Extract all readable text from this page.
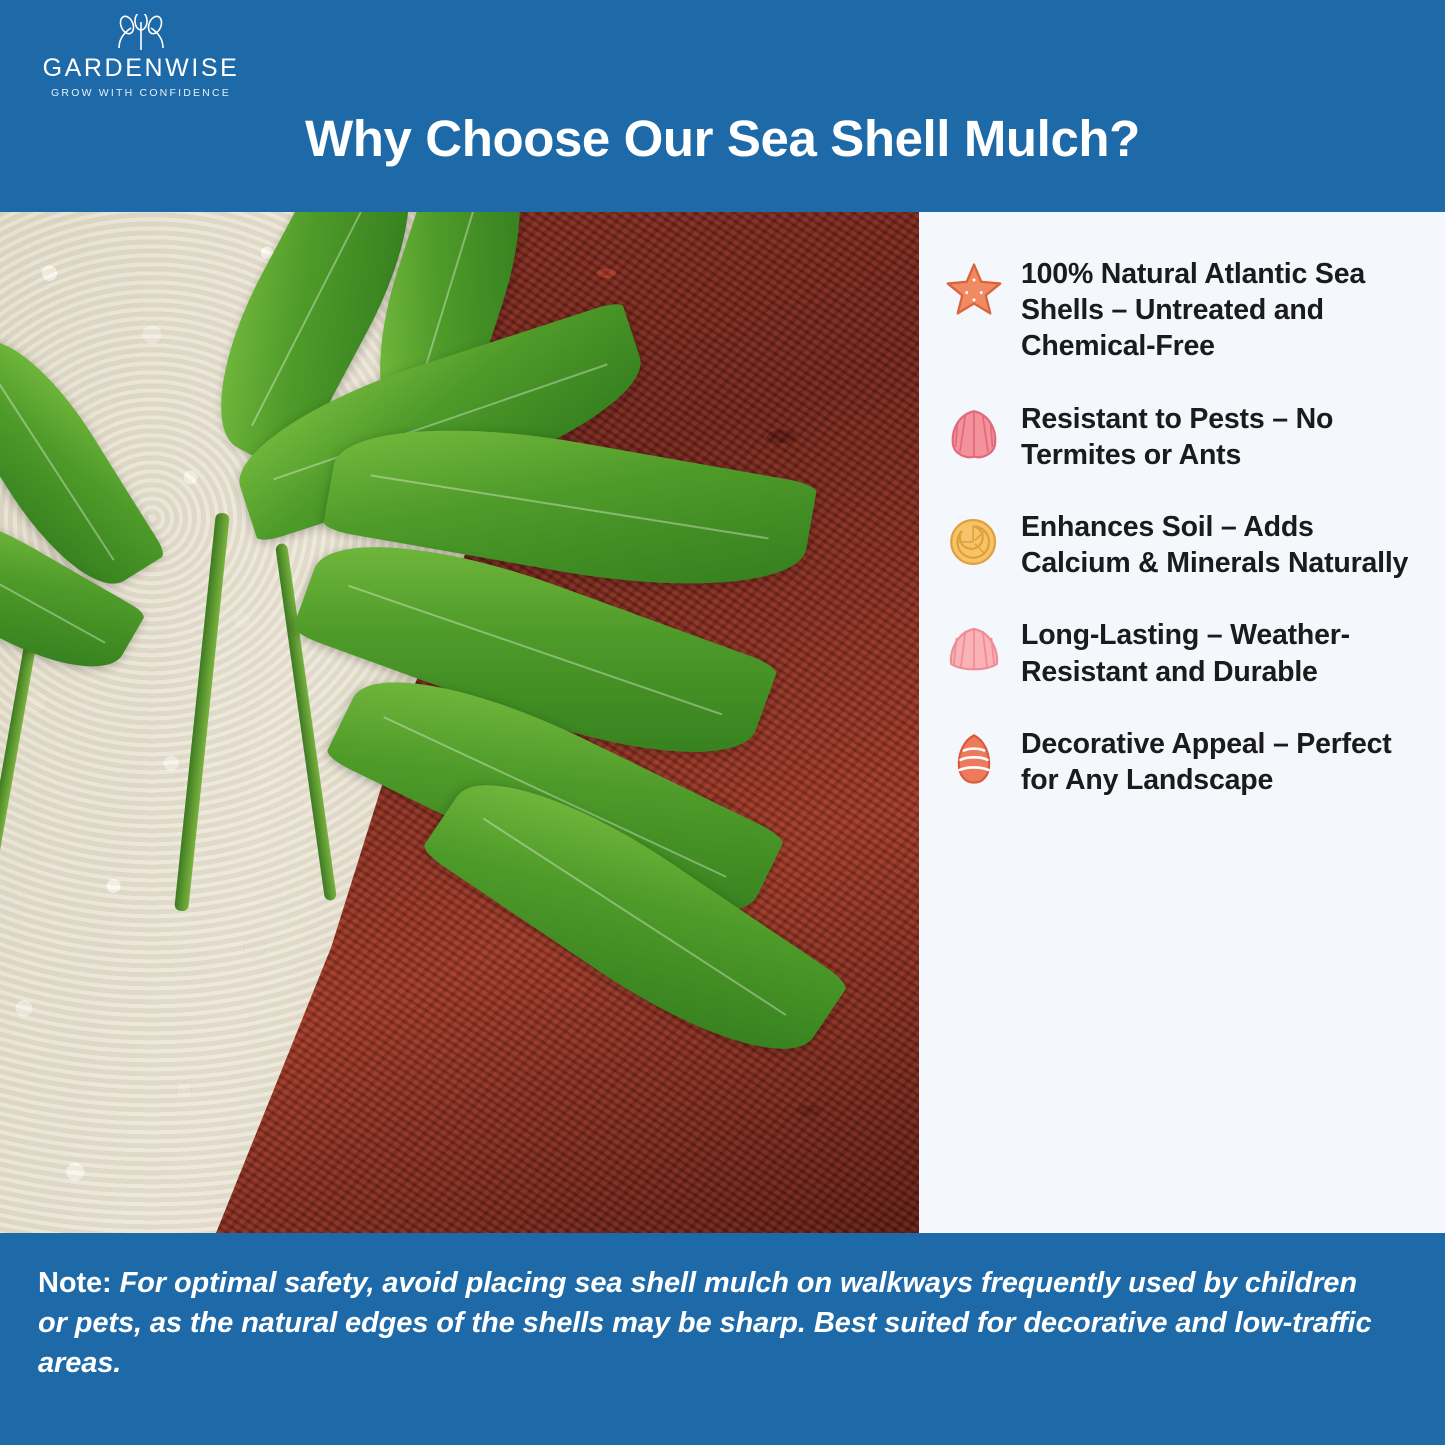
GARDENWISE
GROW WITH CONFIDENCE
Why Choose Our Sea Shell Mulch?
100% Natural Atlantic Sea Shells – Untreated and Chemical-Free
Resistant to Pests – No Termites or Ants
Enhances Soil – Adds Calcium & Minerals Naturally
Long-Lasting – Weather-Resistant and Durable
Decorative Appeal – Perfect for Any Landscape
Note: For optimal safety, avoid placing sea shell mulch on walkways frequently used by children or pets, as the natural edges of the shells may be sharp. Best suited for decorative and low-traffic areas.
